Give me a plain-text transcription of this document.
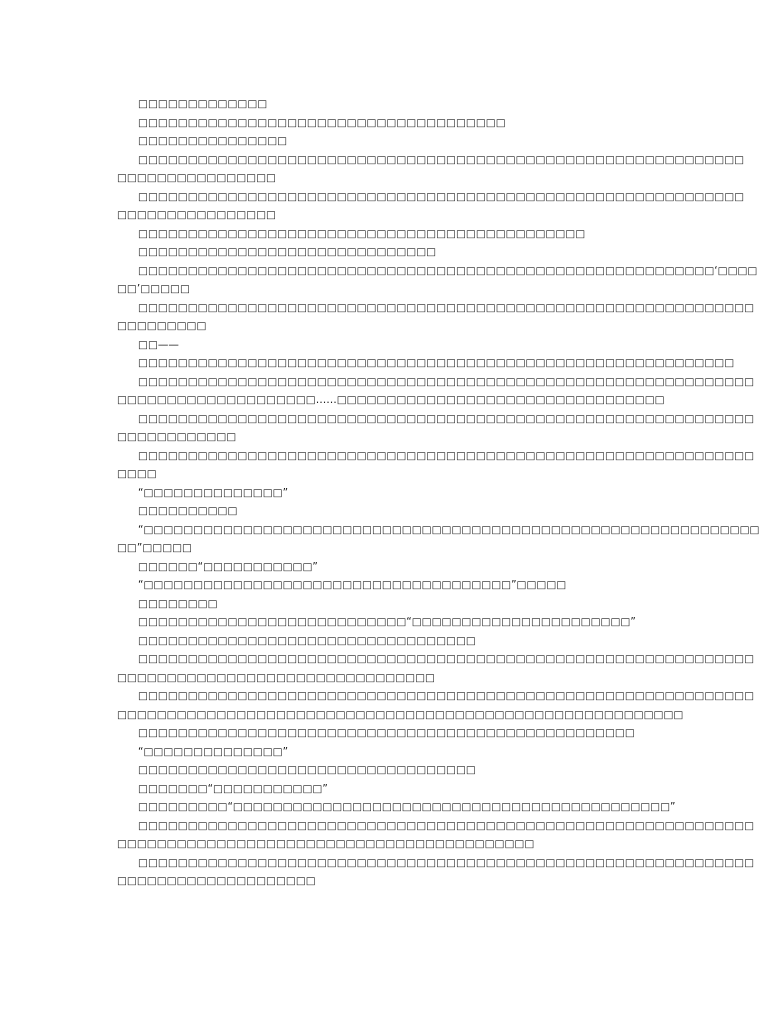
　　□□□□□□□□□□□□□

　　□□□□□□□□□□□□□□□□□□□□□□□□□□□□□□□□□□□□□

　　□□□□□□□□□□□□□□□

　　□□□□□□□□□□□□□□□□□□□□□□□□□□□□□□□□□□□□□□□□□□□□□□□□□□□□□□□□□□□□□
□□□□□□□□□□□□□□□□

　　□□□□□□□□□□□□□□□□□□□□□□□□□□□□□□□□□□□□□□□□□□□□□□□□□□□□□□□□□□□□□
□□□□□□□□□□□□□□□□

　　□□□□□□□□□□□□□□□□□□□□□□□□□□□□□□□□□□□□□□□□□□□□□

　　□□□□□□□□□□□□□□□□□□□□□□□□□□□□□□

　　□□□□□□□□□□□□□□□□□□□□□□□□□□□□□□□□□□□□□□□□□□□□□□□□□□□□□□□□□□‘□□□□
□□’□□□□□

　　□□□□□□□□□□□□□□□□□□□□□□□□□□□□□□□□□□□□□□□□□□□□□□□□□□□□□□□□□□□□□□
□□□□□□□□□

　　□□——

　　□□□□□□□□□□□□□□□□□□□□□□□□□□□□□□□□□□□□□□□□□□□□□□□□□□□□□□□□□□□□

　　□□□□□□□□□□□□□□□□□□□□□□□□□□□□□□□□□□□□□□□□□□□□□□□□□□□□□□□□□□□□□□
□□□□□□□□□□□□□□□□□□□□……□□□□□□□□□□□□□□□□□□□□□□□□□□□□□□□□□

　　□□□□□□□□□□□□□□□□□□□□□□□□□□□□□□□□□□□□□□□□□□□□□□□□□□□□□□□□□□□□□□
□□□□□□□□□□□□

　　□□□□□□□□□□□□□□□□□□□□□□□□□□□□□□□□□□□□□□□□□□□□□□□□□□□□□□□□□□□□□□
□□□□

　　“□□□□□□□□□□□□□□”

　　□□□□□□□□□□

　　“□□□□□□□□□□□□□□□□□□□□□□□□□□□□□□□□□□□□□□□□□□□□□□□□□□□□□□□□□□□□□□
□□”□□□□□

　　□□□□□□“□□□□□□□□□□□”

　　“□□□□□□□□□□□□□□□□□□□□□□□□□□□□□□□□□□□□□”□□□□□

　　□□□□□□□□

　　□□□□□□□□□□□□□□□□□□□□□□□□□□□“□□□□□□□□□□□□□□□□□□□□□□”

　　□□□□□□□□□□□□□□□□□□□□□□□□□□□□□□□□□□

　　□□□□□□□□□□□□□□□□□□□□□□□□□□□□□□□□□□□□□□□□□□□□□□□□□□□□□□□□□□□□□□
□□□□□□□□□□□□□□□□□□□□□□□□□□□□□□□□

　　□□□□□□□□□□□□□□□□□□□□□□□□□□□□□□□□□□□□□□□□□□□□□□□□□□□□□□□□□□□□□□
□□□□□□□□□□□□□□□□□□□□□□□□□□□□□□□□□□□□□□□□□□□□□□□□□□□□□□□□□

　　□□□□□□□□□□□□□□□□□□□□□□□□□□□□□□□□□□□□□□□□□□□□□□□□□□

　　“□□□□□□□□□□□□□□”

　　□□□□□□□□□□□□□□□□□□□□□□□□□□□□□□□□□□

　　□□□□□□□“□□□□□□□□□□□”

　　□□□□□□□□□“□□□□□□□□□□□□□□□□□□□□□□□□□□□□□□□□□□□□□□□□□□□□”

　　□□□□□□□□□□□□□□□□□□□□□□□□□□□□□□□□□□□□□□□□□□□□□□□□□□□□□□□□□□□□□□
□□□□□□□□□□□□□□□□□□□□□□□□□□□□□□□□□□□□□□□□□□

　　□□□□□□□□□□□□□□□□□□□□□□□□□□□□□□□□□□□□□□□□□□□□□□□□□□□□□□□□□□□□□□
□□□□□□□□□□□□□□□□□□□□
